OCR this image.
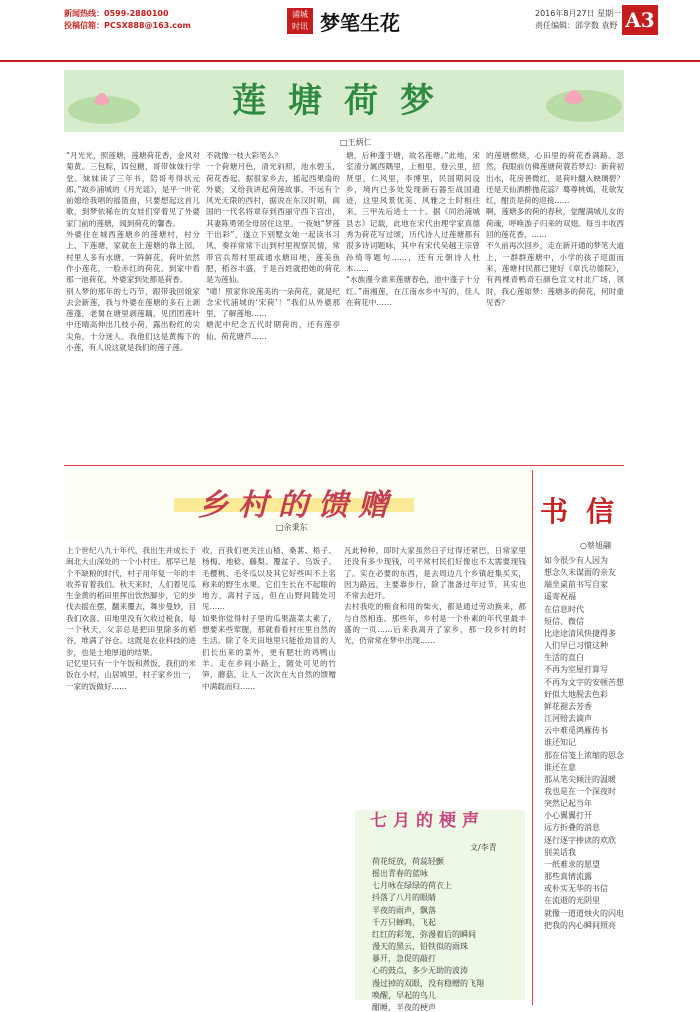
新闻热线：0599-2880100
投稿信箱：PCSX888@163.com
浦城
时讯 梦笔生花	2016年8月27日 星期一
责任编辑：邵学数 袁野 A3
莲塘荷梦
□王炳仁
“月光光，照莲塘，莲塘荷花香，金风对菊黄。三包粽，四包糖，哥带妹妹行学堂。妹妹读了三年书，陪哥考得状元郎。”故乡浦城的《月光谣》，是平一叶花前媳给我唱的摇篮曲，只要想起这首儿歌，到梦依稀在的女娃们穿着见了外婆家门前的莲塘，闻到荷花的馨香。
外婆住在城西莲塘乡的莲塘村，村分上、下莲塘，家就在上莲塘的靠上园，村里人多有水塘、一阵鲜花，荷叶依然作小莲花，一脸赤红的荷花。到家中看那一池荷花，外婆家到处都是荷香。
别人梦的那年的七巧节，跟带我回娘家去会新莲，我与外婆在莲塘的多石上剥莲蓬，老舅在塘里剥莲藕，见团团莲叶中还晴高伸出几枝小荷，露出粉红的尖尖角，十分迷人。我他们这是黄梅下的小莲，有人说这就是我们的莲子莲。
不就像一枝大彩笔么？
一个荷塘月色，清光斜照，池水碧玉，荷花香起。据很家乡去，摇起西果扇的外婆，又给我讲起荷莲故事。不远有个风光无限的西村，据说在东汉时期，阆国的一代名将章存到西丽守西下宫出，其妻陈勇领全母居住这里。一夜她“梦莲干出彩”，遂立下别墅女她一起读书习风，奏祥常常下山到村里视察民情，常带官兵帮村里疏通水塘田埂，莲美鱼肥，稻谷丰盛，于是百姓就把她的荷花是为莲仙。
“噫！照家你说莲美的一朵荷花，就是纪念宋代浦城的‘宋荷’！”我们从外婆那里，了解莲地……
塘泥中纪念五代时期荷的，还有莲亭仙、荷花塘芦……
塘，后种蓬于塘，故名莲塘。”此地，宋室清分属西隅里，上相里，登云里，招贤里，仁风里，李博里，民国期间设乡，境内已多处发现新石器至战国遗迹，这里风景优美、风雅之士时相往来，三甲先后进士一十。据《同治浦城县志》记载，此地在宋代由理学家真德秀为荷花写过颂，历代诗人过莲塘都有很多诗词题咏，其中有宋代吴越王宗曾孙绮等题句……，还有元朝诗人杜本……
“水族漫今谁来莲塘春色，池中蓬子十分红。”南湘莲，在江南水乡中写的，佳人在荷花中……
的莲塘燃烧，心田里的荷花香满路。忽然，我眼前仿佛莲塘荷蓑若梦幻：新荷初出水，花房善微红，是荷叶翻入映璃碧？还是天仙洒醉抛花蕊？蓦尊桃嫣，花欲发红，酣贡是荷的迎接……
啊，莲塘多的荷的春秋，觉醒满城儿女的荷魂，呼唤游子归来的双翅。每当丰收西回的莲花香，……
不久前再次回乡，走在新开通的梦笔大道上，一群群莲塘中，小学的孩子迎面而来，莲塘村民都已建好《章氏功德院》，有两棵青鸭奇石颜色宣文村北广场，领时，我心莲如梦：莲塘多的荷花，何时重见香？
乡村的馈赠
□余秉东
上个世纪八九十年代，我出生并成长于闽北大山深处的一个小村庄。那早已是个不缺粮的时代，村子用年复一年的丰收养育着我们。秋天来时，人们着见瓜生金黄的稻田里挥出饮热脚步，它的步伐去摇在摆，翻来覆去，舞步曼妙，目我们欢喜。田地里没有欠收过税食，每一个秋天，父亲总是把田里除多的稻谷，堆满了谷仓。这既是农业科技的进步，也是土地厚道的结果。
记忆里只有一个午饭和煮饭，我们的米饭在小村，山居城里，村子家乡出一，一家的饭做好……
收，百我们更关注山楂、桑葚、梧子、杨梅、地稔、藤梨、覆盆子、乌饭子、毛樱桃、毛冬瓜以及其它好些叫不上名称来的野生水果。它们生长在不起眼的地方，离村子远，但在山野间随处可见……
如果你觉得村子里的瓜果蔬菜太素了，想要来些荤腥，那就看看村庄里自然的生活。除了冬天田地里只能抢劫冒的人们长出来的菜外，更有肥壮的鸡鸭山羊。走在乡间小路上，随处可见的竹笋、蘑菇，让人一次次在大自然的馈赠中满载而归……
凡此种种，即时大家虽然日子过得还紧巴，日常家里还没有多少现钱，可平常村民们好像也不太需要现钱了。实在必要的东西，是去周边几个乡镇赶集买买，因为路远，主要靠步行，除了准备过年过节，其实也不常去赶圩。
去村我吃的粮食和用的柴火，都是通过劳动换来，都与自然相连。那些年，乡村是一个朴素的年代里最丰盛的一页……后来我离开了家乡，那一段乡村的时光，仍常常在梦中出现……
书信
○蔡旭翮
如今很少有人因为
想念久未谋面的亲友
端坐桌前书写自家
遥寄祝福
在信息时代
短信、微信
比途途清风快捷得多
人们早已习惯这种
生活的直白
不再为室屋打算写
不再为文字的安顿苦想
好似大地脱去色彩
鲜花褪去芳香
江河赔去滴声
云中难觅鸿雁传书
谁还知记
那在信笺上浓缩的思念
谁还在意
那从笔尖倾注的温暖
我也是在一个深夜时
突然记起当年
小心翼翼打开
远方折叠的消息
逐行逐字捧读的欢欣
别美话我
一纸难求的愿望
那些真情流露
或朴实无华的书信
在流逝的光阴里
就像一道道烛火的闪电
把我的内心瞬间照亮
七月的梗声
文/李青
荷花绽放，荷蕊轻颤
摇出青春的蓝咏
七月咏在绿绿的荷衣上
抖落了八月的眼睛
半夜的雨声，飘落
千万只蝉鸣，飞起
红红的彩笼，弥漫着后的瞬间
漫天的黑云，铅铁似的雨珠
暴开，急促的敲打
心的鼓点，多少无助的波涛
漫过掉的双眼，没有稳赠的飞翔
唤醒，早起的鸟儿
酣睡，半夜的梗声
